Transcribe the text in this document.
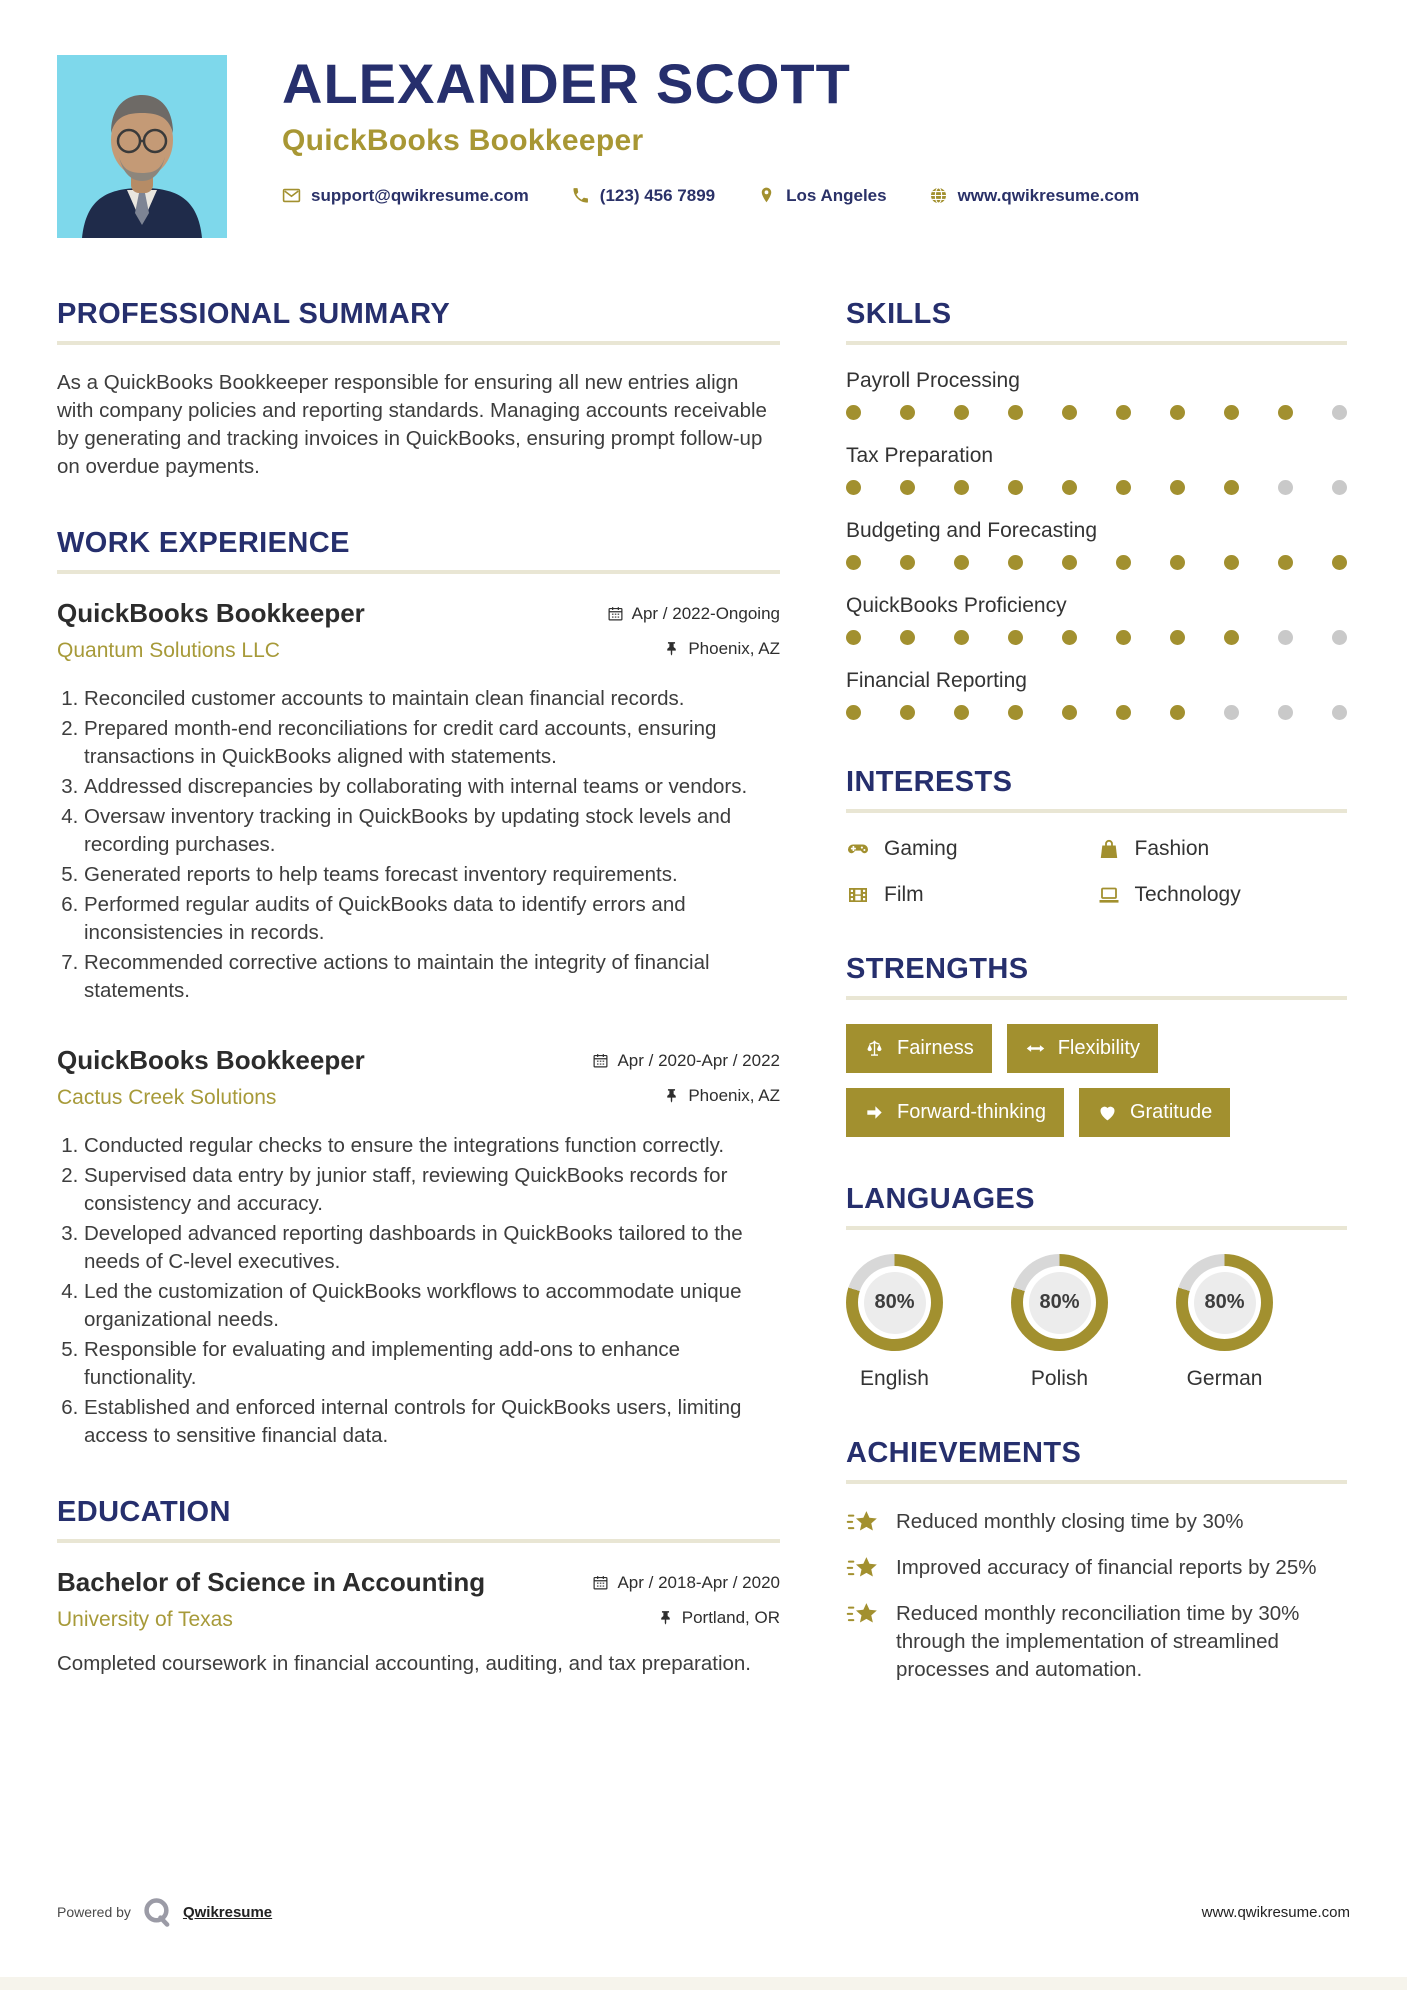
ALEXANDER SCOTT
QuickBooks Bookkeeper
support@qwikresume.com	(123) 456 7899	Los Angeles	www.qwikresume.com
PROFESSIONAL SUMMARY
As a QuickBooks Bookkeeper responsible for ensuring all new entries align with company policies and reporting standards. Managing accounts receivable by generating and tracking invoices in QuickBooks, ensuring prompt follow-up on overdue payments.
WORK EXPERIENCE
QuickBooks Bookkeeper	Apr / 2022-Ongoing
Quantum Solutions LLC	Phoenix, AZ
1. Reconciled customer accounts to maintain clean financial records.
2. Prepared month-end reconciliations for credit card accounts, ensuring transactions in QuickBooks aligned with statements.
3. Addressed discrepancies by collaborating with internal teams or vendors.
4. Oversaw inventory tracking in QuickBooks by updating stock levels and recording purchases.
5. Generated reports to help teams forecast inventory requirements.
6. Performed regular audits of QuickBooks data to identify errors and inconsistencies in records.
7. Recommended corrective actions to maintain the integrity of financial statements.
QuickBooks Bookkeeper	Apr / 2020-Apr / 2022
Cactus Creek Solutions	Phoenix, AZ
1. Conducted regular checks to ensure the integrations function correctly.
2. Supervised data entry by junior staff, reviewing QuickBooks records for consistency and accuracy.
3. Developed advanced reporting dashboards in QuickBooks tailored to the needs of C-level executives.
4. Led the customization of QuickBooks workflows to accommodate unique organizational needs.
5. Responsible for evaluating and implementing add-ons to enhance functionality.
6. Established and enforced internal controls for QuickBooks users, limiting access to sensitive financial data.
EDUCATION
Bachelor of Science in Accounting	Apr / 2018-Apr / 2020
University of Texas	Portland, OR
Completed coursework in financial accounting, auditing, and tax preparation.
SKILLS
Payroll Processing
Tax Preparation
Budgeting and Forecasting
QuickBooks Proficiency
Financial Reporting
INTERESTS
Gaming	Fashion
Film	Technology
STRENGTHS
Fairness	Flexibility
Forward-thinking	Gratitude
LANGUAGES
80%
English
80%
Polish
80%
German
ACHIEVEMENTS
Reduced monthly closing time by 30%
Improved accuracy of financial reports by 25%
Reduced monthly reconciliation time by 30% through the implementation of streamlined processes and automation.
Powered by	Qwikresume	www.qwikresume.com
